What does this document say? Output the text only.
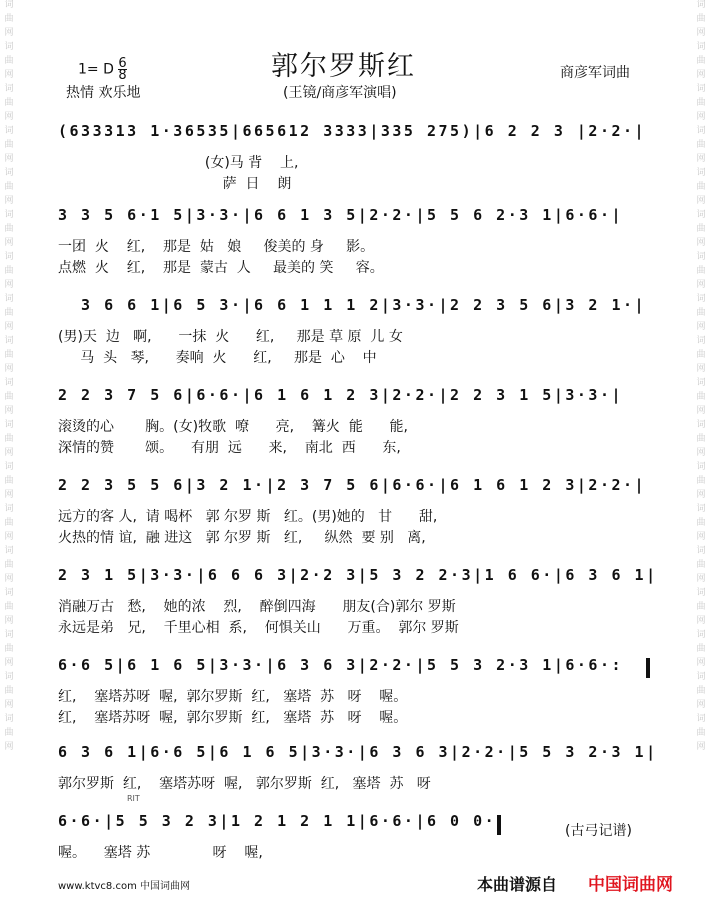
词
曲
网
词
曲
网
词
曲
网
词
曲
网
词
曲
网
词
曲
网
词
曲
网
词
曲
网
词
曲
网
词
曲
网
词
曲
网
词
曲
网
词
曲
网
词
曲
网
词
曲
网
词
曲
网
词
曲
网
词
曲
网
词
曲
网
词
曲
网
词
曲
网
词
曲
网
词
曲
网
词
曲
网
词
曲
网
词
曲
网
词
曲
网
词
曲
网
词
曲
网
词
曲
网
词
曲
网
词
曲
网
词
曲
网
词
曲
网
词
曲
网
词
曲
网
1= D $\frac{6}{8}$	郭尔罗斯红	商彦军词曲
热情 欢乐地	(王镜/商彦军演唱)
(633313 1·36535|665612 3333|335 275)|6 2 2 3 |2·2·|
(女)马 背    上,
萨  日    朗
3 3 5 6·1 5|3·3·|6 6 1 3 5|2·2·|5 5 6 2·3 1|6·6·|
一团  火    红,    那是  姑   娘     俊美的 身     影。
点燃  火    红,    那是  蒙古  人     最美的 笑     容。
3 6 6 1|6 5 3·|6 6 1 1 1 2|3·3·|2 2 3 5 6|3 2 1·|
(男)天  边   啊,      一抹  火      红,     那是 草 原  儿 女
马  头   琴,      奏响  火      红,     那是  心    中
2 2 3 7 5 6|6·6·|6 1 6 1 2 3|2·2·|2 2 3 1 5|3·3·|
滚烫的心       胸。(女)牧歌  嘹      亮,    篝火  能      能,
深情的赞       颂。    有朋  远      来,    南北  西      东,
2 2 3 5 5 6|3 2 1·|2 3 7 5 6|6·6·|6 1 6 1 2 3|2·2·|
远方的客 人,  请 喝杯   郭 尔罗 斯   红。(男)她的   甘      甜,
火热的情 谊,  融 进这   郭 尔罗 斯   红,     纵然  要 别   离,
2 3 1 5|3·3·|6 6 6 3|2·2 3|5 3 2 2·3|1 6 6·|6 3 6 1|
消融万古   愁,    她的浓    烈,    醉倒四海      朋友(合)郭尔 罗斯
永远是弟   兄,    千里心相  系,    何惧关山      万重。  郭尔 罗斯
6·6 5|6 1 6 5|3·3·|6 3 6 3|2·2·|5 5 3 2·3 1|6·6·:
红,    塞塔苏呀  喔,  郭尔罗斯  红,   塞塔  苏   呀    喔。
红,    塞塔苏呀  喔,  郭尔罗斯  红,   塞塔  苏   呀    喔。
6 3 6 1|6·6 5|6 1 6 5|3·3·|6 3 6 3|2·2·|5 5 3 2·3 1|
郭尔罗斯  红,    塞塔苏呀  喔,   郭尔罗斯  红,   塞塔  苏   呀
6·6·|5 5 3 2 3|1 2 1 2 1 1|6·6·|6 0 0·
喔。    塞塔 苏              呀    喔,
RIT
(古弓记谱)
www.ktvc8.com 中国词曲网	本曲谱源自 中国词曲网
